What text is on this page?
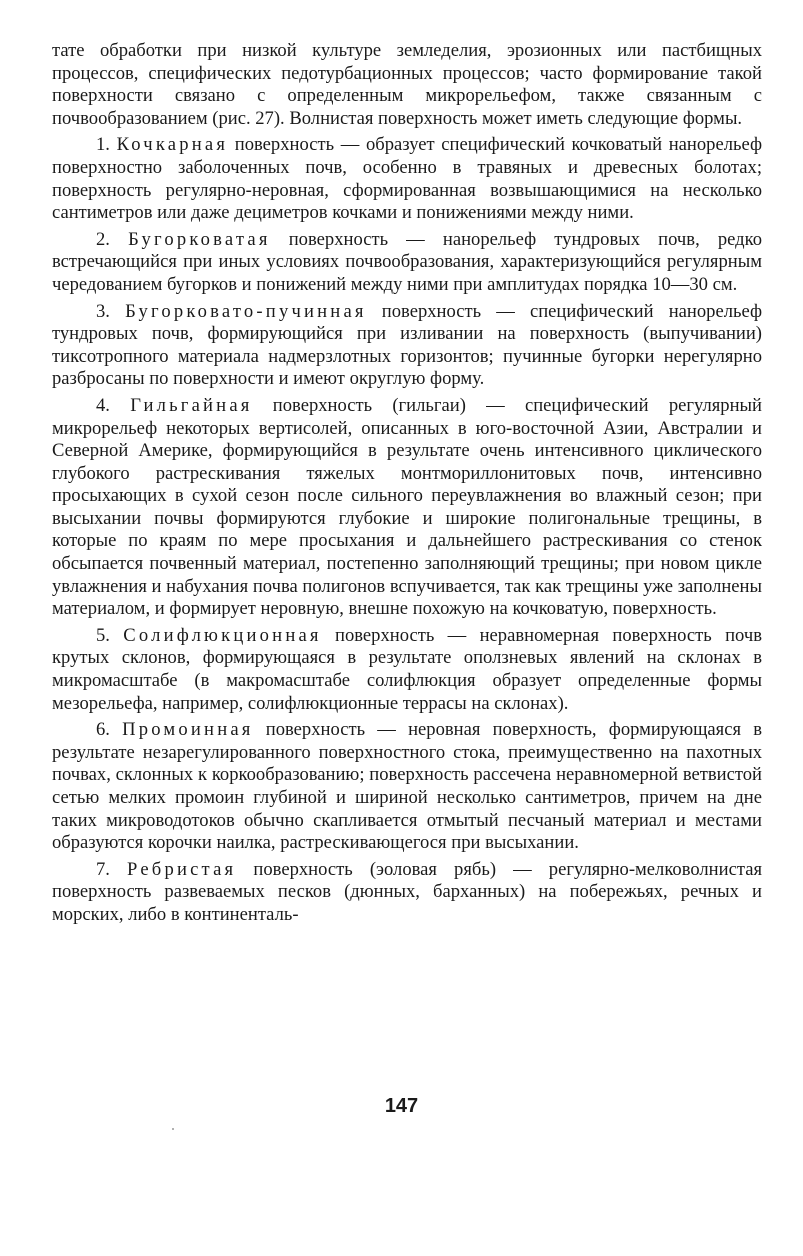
тате обработки при низкой культуре земледелия, эрозионных или пастбищных процессов, специфических педотурбационных процессов; часто формирование такой поверхности связано с определенным микрорельефом, также связанным с почвообразованием (рис. 27). Волнистая поверхность может иметь следующие формы.

1. Кочкарная поверхность — образует специфический кочковатый нанорельеф поверхностно заболоченных почв, особенно в травяных и древесных болотах; поверхность регулярно-неровная, сформированная возвышающимися на несколько сантиметров или даже дециметров кочками и понижениями между ними.

2. Бугорковатая поверхность — нанорельеф тундровых почв, редко встречающийся при иных условиях почвообразования, характеризующийся регулярным чередованием бугорков и понижений между ними при амплитудах порядка 10—30 см.

3. Бугорковато-пучинная поверхность — специфический нанорельеф тундровых почв, формирующийся при изливании на поверхность (выпучивании) тиксотропного материала надмерзлотных горизонтов; пучинные бугорки нерегулярно разбросаны по поверхности и имеют округлую форму.

4. Гильгайная поверхность (гильгаи) — специфический регулярный микрорельеф некоторых вертисолей, описанных в юго-восточной Азии, Австралии и Северной Америке, формирующийся в результате очень интенсивного циклического глубокого растрескивания тяжелых монтмориллонитовых почв, интенсивно просыхающих в сухой сезон после сильного переувлажнения во влажный сезон; при высыхании почвы формируются глубокие и широкие полигональные трещины, в которые по краям по мере просыхания и дальнейшего растрескивания со стенок обсыпается почвенный материал, постепенно заполняющий трещины; при новом цикле увлажнения и набухания почва полигонов вспучивается, так как трещины уже заполнены материалом, и формирует неровную, внешне похожую на кочковатую, поверхность.

5. Солифлюкционная поверхность — неравномерная поверхность почв крутых склонов, формирующаяся в результате оползневых явлений на склонах в микромасштабе (в макромасштабе солифлюкция образует определенные формы мезорельефа, например, солифлюкционные террасы на склонах).

6. Промоинная поверхность — неровная поверхность, формирующаяся в результате незарегулированного поверхностного стока, преимущественно на пахотных почвах, склонных к коркообразованию; поверхность рассечена неравномерной ветвистой сетью мелких промоин глубиной и шириной несколько сантиметров, причем на дне таких микроводотоков обычно скапливается отмытый песчаный материал и местами образуются корочки наилка, растрескивающегося при высыхании.

7. Ребристая поверхность (эоловая рябь) — регулярно-мелковолнистая поверхность развеваемых песков (дюнных, барханных) на побережьях, речных и морских, либо в континенталь-

147
